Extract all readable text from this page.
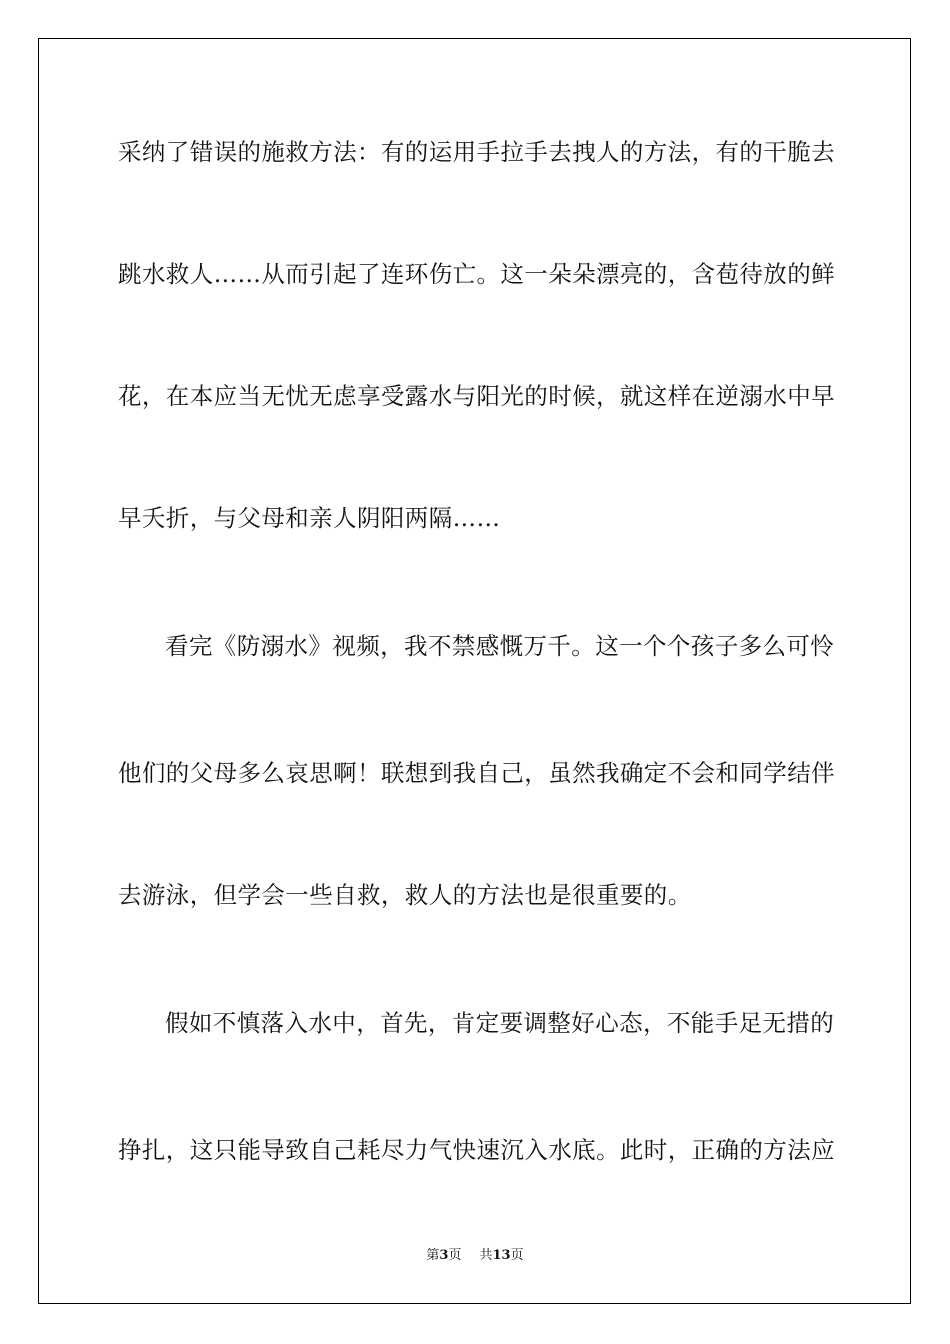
采纳了错误的施救方法：有的运用手拉手去拽人的方法，有的干脆去
跳水救人……从而引起了连环伤亡。这一朵朵漂亮的，含苞待放的鲜
花，在本应当无忧无虑享受露水与阳光的时候，就这样在逆溺水中早
早夭折，与父母和亲人阴阳两隔……
看完《防溺水》视频，我不禁感慨万千。这一个个孩子多么可怜
他们的父母多么哀思啊！联想到我自己，虽然我确定不会和同学结伴
去游泳，但学会一些自救，救人的方法也是很重要的。
假如不慎落入水中，首先，肯定要调整好心态，不能手足无措的
挣扎，这只能导致自己耗尽力气快速沉入水底。此时，正确的方法应
第3页 共13页
